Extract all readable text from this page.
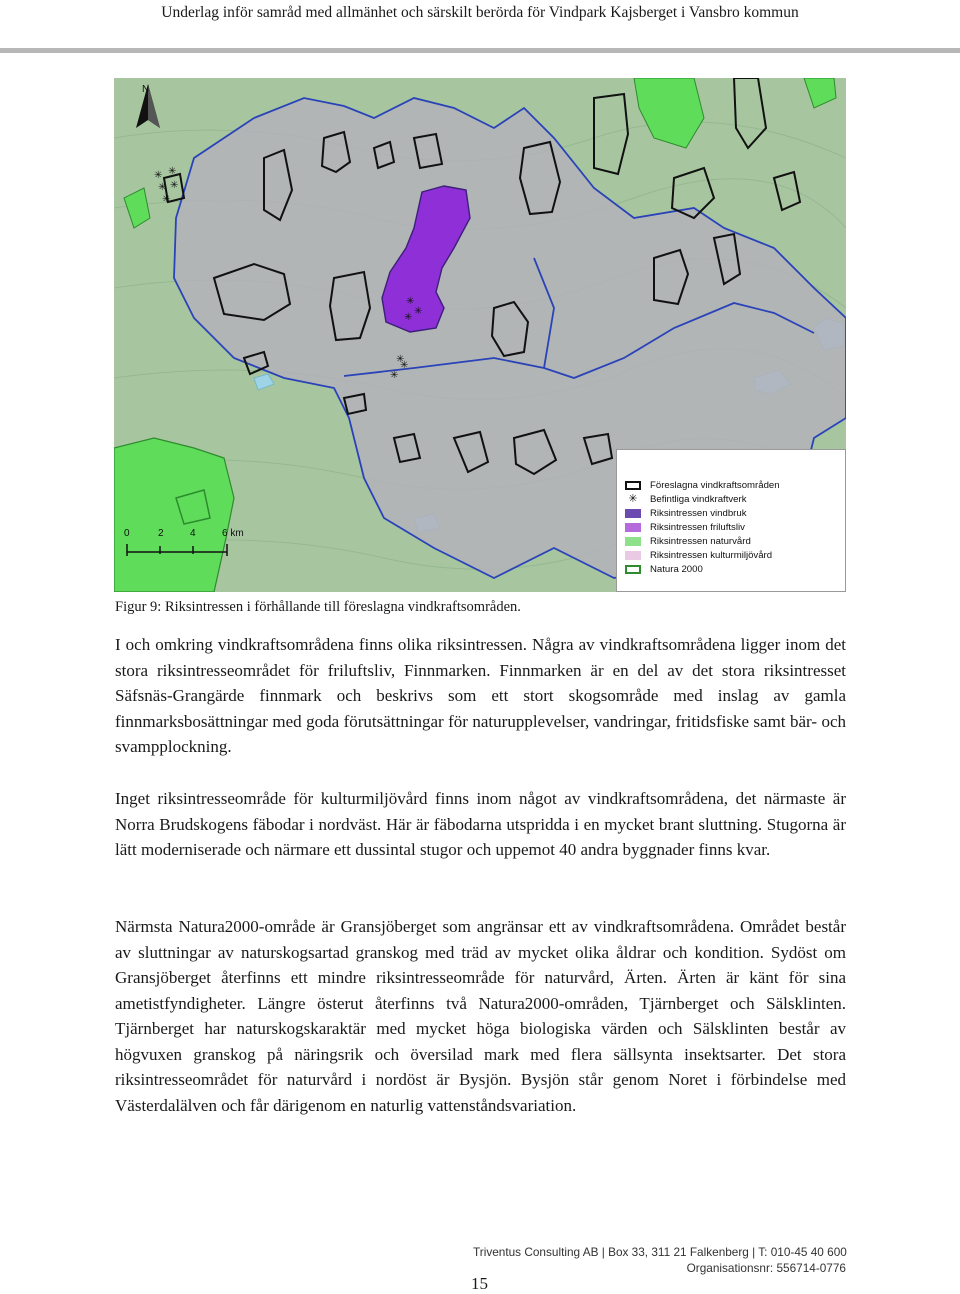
Underlag inför samråd med allmänhet och särskilt berörda för Vindpark Kajsberget i Vansbro kommun
N
✳ ✳
✳ ✳
✳
✳
✳
✳
✳
✳
✳
Föreslagna vindkraftsområden
✳	Befintliga vindkraftverk
Riksintressen vindbruk
Riksintressen friluftsliv
Riksintressen naturvård
Riksintressen kulturmiljövård
Natura 2000
0	2	4	6 km
Figur 9: Riksintressen i förhållande till föreslagna vindkraftsområden.

I och omkring vindkraftsområdena finns olika riksintressen. Några av vindkraftsområdena ligger inom det stora riksintresseområdet för friluftsliv, Finnmarken. Finnmarken är en del av det stora riksintresset Säfsnäs-Grangärde finnmark och beskrivs som ett stort skogsområde med inslag av gamla finnmarksbosättningar med goda förutsättningar för naturupplevelser, vandringar, fritidsfiske samt bär- och svampplockning.

Inget riksintresseområde för kulturmiljövård finns inom något av vindkraftsområdena, det närmaste är Norra Brudskogens fäbodar i nordväst. Här är fäbodarna utspridda i en mycket brant sluttning. Stugorna är lätt moderniserade och närmare ett dussintal stugor och uppemot 40 andra byggnader finns kvar.

Närmsta Natura2000-område är Gransjöberget som angränsar ett av vindkraftsområdena. Området består av sluttningar av naturskogsartad granskog med träd av mycket olika åldrar och kondition. Sydöst om Gransjöberget återfinns ett mindre riksintresseområde för naturvård, Ärten. Ärten är känt för sina ametistfyndigheter. Längre österut återfinns två Natura2000-områden, Tjärnberget och Sälsklinten. Tjärnberget har naturskogskaraktär med mycket höga biologiska värden och Sälsklinten består av högvuxen granskog på näringsrik och översilad mark med flera sällsynta insektsarter. Det stora riksintresseområdet för naturvård i nordöst är Bysjön. Bysjön står genom Noret i förbindelse med Västerdalälven och får därigenom en naturlig vattenståndsvariation.

Triventus Consulting AB | Box 33, 311 21 Falkenberg | T: 010-45 40 600
Organisationsnr: 556714-0776
15
